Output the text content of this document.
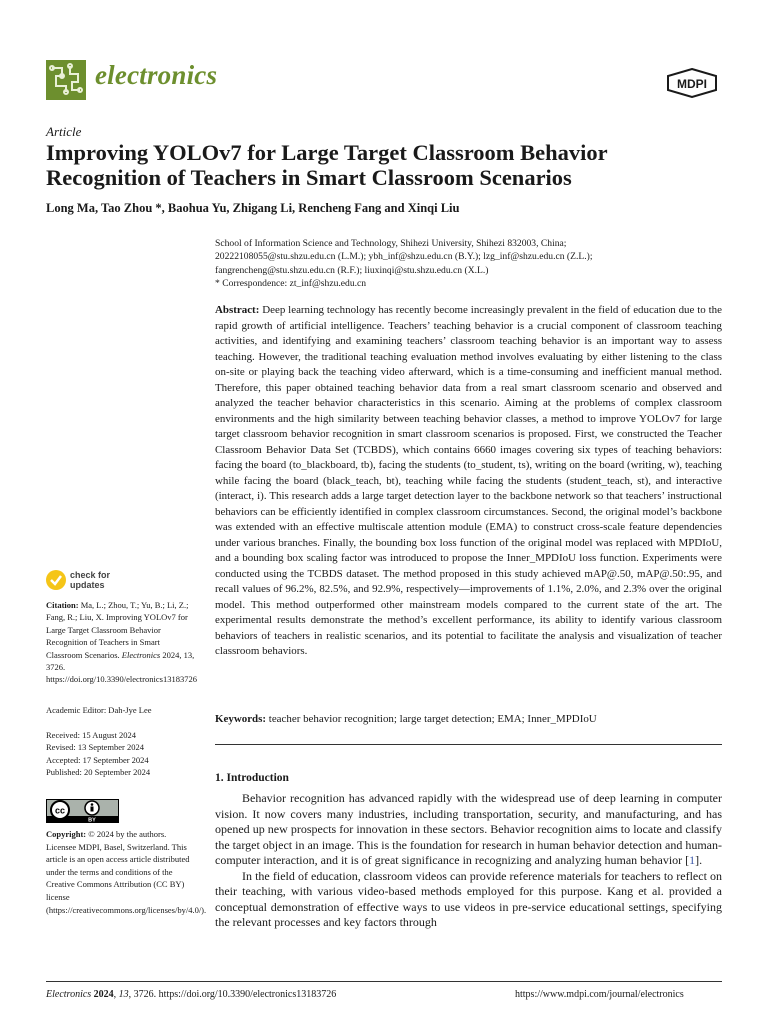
electronics	MDPI
Article
Improving YOLOv7 for Large Target Classroom Behavior Recognition of Teachers in Smart Classroom Scenarios
Long Ma, Tao Zhou *, Baohua Yu, Zhigang Li, Rencheng Fang and Xinqi Liu
School of Information Science and Technology, Shihezi University, Shihezi 832003, China;
20222108055@stu.shzu.edu.cn (L.M.); ybh_inf@shzu.edu.cn (B.Y.); lzg_inf@shzu.edu.cn (Z.L.);
fangrencheng@stu.shzu.edu.cn (R.F.); liuxinqi@stu.shzu.edu.cn (X.L.)
* Correspondence: zt_inf@shzu.edu.cn
Abstract: Deep learning technology has recently become increasingly prevalent in the field of education due to the rapid growth of artificial intelligence. Teachers’ teaching behavior is a crucial component of classroom teaching activities, and identifying and examining teachers’ classroom teaching behavior is an important way to assess teaching. However, the traditional teaching evaluation method involves evaluating by either listening to the class on-site or playing back the teaching video afterward, which is a time-consuming and inefficient manual method. Therefore, this paper obtained teaching behavior data from a real smart classroom scenario and observed and analyzed the teacher behavior characteristics in this scenario. Aiming at the problems of complex classroom environments and the high similarity between teaching behavior classes, a method to improve YOLOv7 for large target classroom behavior recognition in smart classroom scenarios is proposed. First, we constructed the Teacher Classroom Behavior Data Set (TCBDS), which contains 6660 images covering six types of teaching behaviors: facing the board (to_blackboard, tb), facing the students (to_student, ts), writing on the board (writing, w), teaching while facing the board (black_teach, bt), teaching while facing the students (student_teach, st), and interactive (interact, i). This research adds a large target detection layer to the backbone network so that teachers’ instructional behaviors can be efficiently identified in complex classroom circumstances. Second, the original model’s backbone was extended with an effective multiscale attention module (EMA) to construct cross-scale feature dependencies under various branches. Finally, the bounding box loss function of the original model was replaced with MPDIoU, and a bounding box scaling factor was introduced to propose the Inner_MPDIoU loss function. Experiments were conducted using the TCBDS dataset. The method proposed in this study achieved mAP@.50, mAP@.50:.95, and recall values of 96.2%, 82.5%, and 92.9%, respectively—improvements of 1.1%, 2.0%, and 2.3% over the original model. This method outperformed other mainstream models compared to the current state of the art. The experimental results demonstrate the method’s excellent performance, its ability to identify various classroom behaviors of teachers in realistic scenarios, and its potential to facilitate the analysis and visualization of teacher classroom behaviors.
Keywords: teacher behavior recognition; large target detection; EMA; Inner_MPDIoU
1. Introduction

Behavior recognition has advanced rapidly with the widespread use of deep learning in computer vision. It now covers many industries, including transportation, security, and manufacturing, and has opened up new prospects for innovation in these sectors. Behavior recognition aims to locate and classify the target object in an image. This is the foundation for research in human behavior detection and human-computer interaction, and it is of great significance in recognizing and analyzing human behavior [1].

In the field of education, classroom videos can provide reference materials for teachers to reflect on their teaching, with various video-based methods employed for this purpose. Kang et al. provided a conceptual demonstration of effective ways to use videos in pre-service educational settings, specifying the relevant processes and key factors through

check for
updates
Citation: Ma, L.; Zhou, T.; Yu, B.; Li, Z.; Fang, R.; Liu, X. Improving YOLOv7 for Large Target Classroom Behavior Recognition of Teachers in Smart Classroom Scenarios. Electronics 2024, 13, 3726. https://doi.org/10.3390/electronics13183726
Academic Editor: Dah-Jye Lee
Received: 15 August 2024
Revised: 13 September 2024
Accepted: 17 September 2024
Published: 20 September 2024
cc
BY
Copyright: © 2024 by the authors. Licensee MDPI, Basel, Switzerland. This article is an open access article distributed under the terms and conditions of the Creative Commons Attribution (CC BY) license (https://creativecommons.org/licenses/by/4.0/).
Electronics 2024, 13, 3726. https://doi.org/10.3390/electronics13183726	https://www.mdpi.com/journal/electronics
